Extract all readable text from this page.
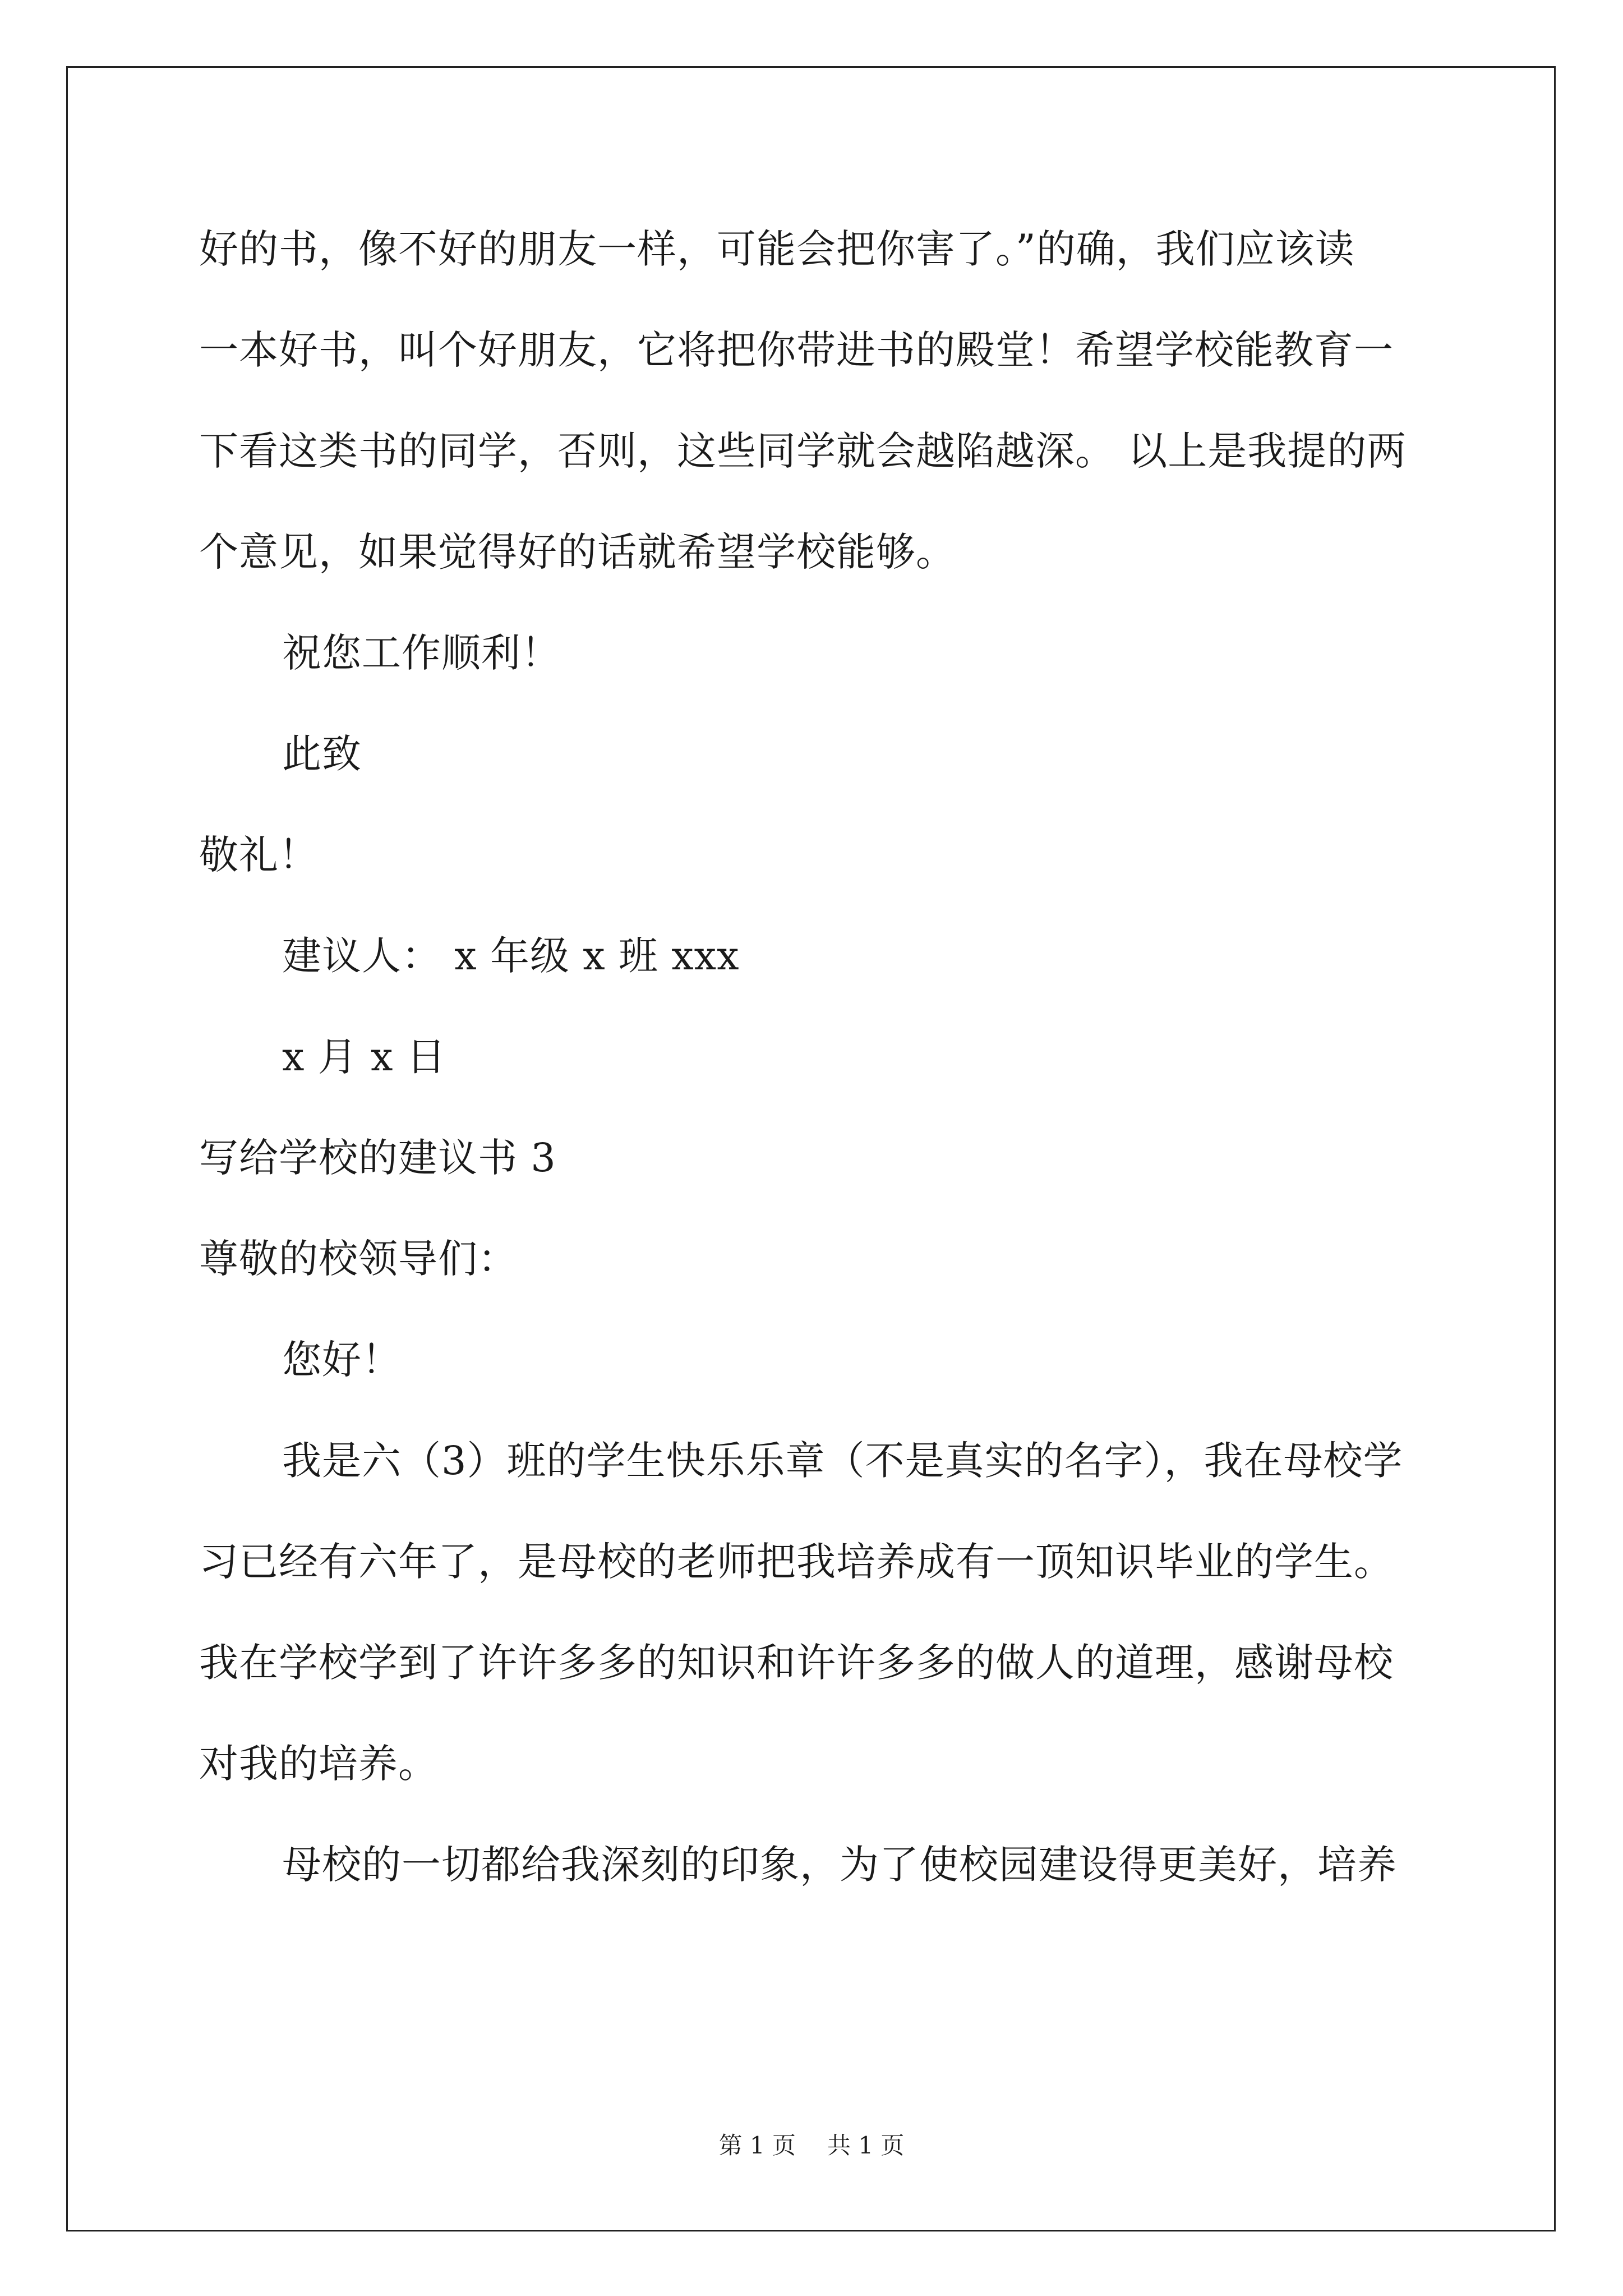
好的书，像不好的朋友一样，可能会把你害了。”的确，我们应该读
一本好书，叫个好朋友，它将把你带进书的殿堂！希望学校能教育一
下看这类书的同学，否则，这些同学就会越陷越深。 以上是我提的两
个意见，如果觉得好的话就希望学校能够。
祝您工作顺利！
此致
敬礼！
建议人： x 年级 x 班 xxx
x 月 x 日
写给学校的建议书 3
尊敬的校领导们：
您好！
我是六（3）班的学生快乐乐章（不是真实的名字），我在母校学
习已经有六年了，是母校的老师把我培养成有一顶知识毕业的学生。
我在学校学到了许许多多的知识和许许多多的做人的道理，感谢母校
对我的培养。
母校的一切都给我深刻的印象，为了使校园建设得更美好，培养
第 1 页 共 1 页
